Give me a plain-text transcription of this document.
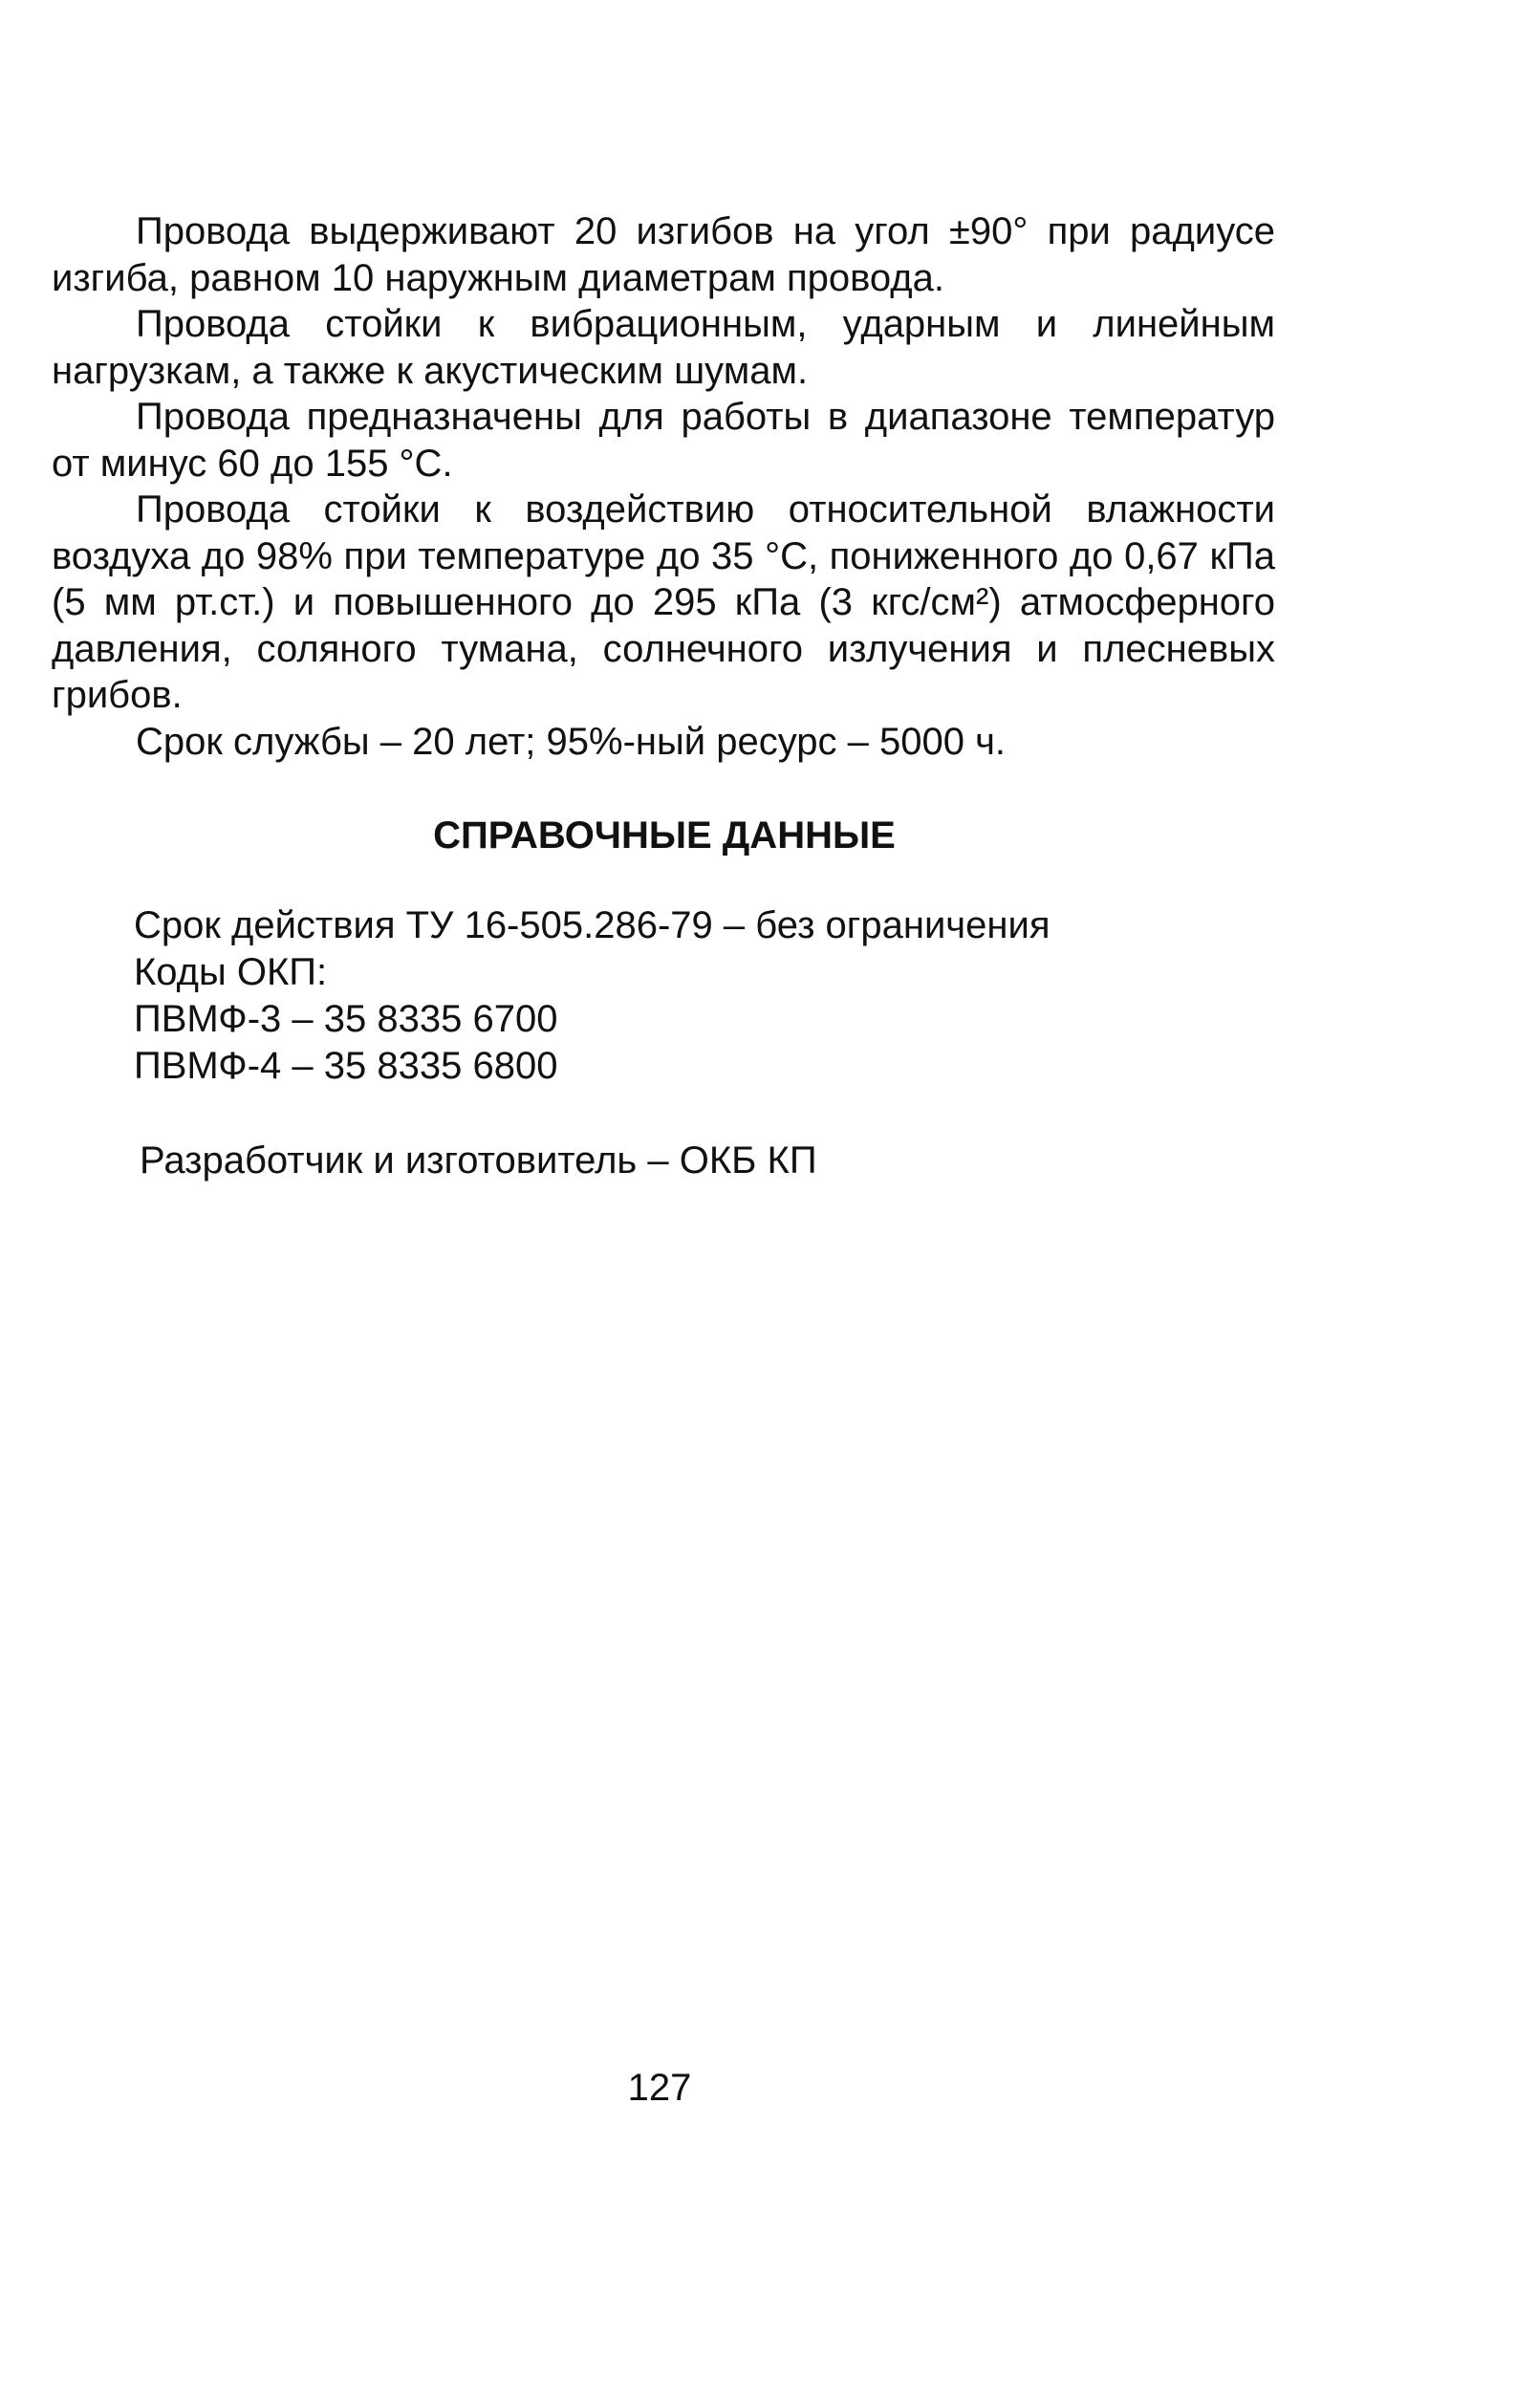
Провода выдерживают 20 изгибов на угол ±90° при радиусе изгиба, равном 10 наружным диаметрам провода.

Провода стойки к вибрационным, ударным и линейным нагрузкам, а также к акустическим шумам.

Провода предназначены для работы в диапазоне температур от минус 60 до 155 °C.

Провода стойки к воздействию относительной влажности воздуха до 98% при температуре до 35 °C, пониженного до 0,67 кПа (5 мм рт.ст.) и повышенного до 295 кПа (3 кгс/см²) атмосферного давления, соляного тумана, солнечного излучения и плесневых грибов.

Срок службы – 20 лет; 95%-ный ресурс – 5000 ч.

СПРАВОЧНЫЕ ДАННЫЕ

Срок действия ТУ 16-505.286-79 – без ограничения

Коды ОКП:

ПВМФ-3 – 35 8335 6700

ПВМФ-4 – 35 8335 6800

Разработчик и изготовитель – ОКБ КП

127
